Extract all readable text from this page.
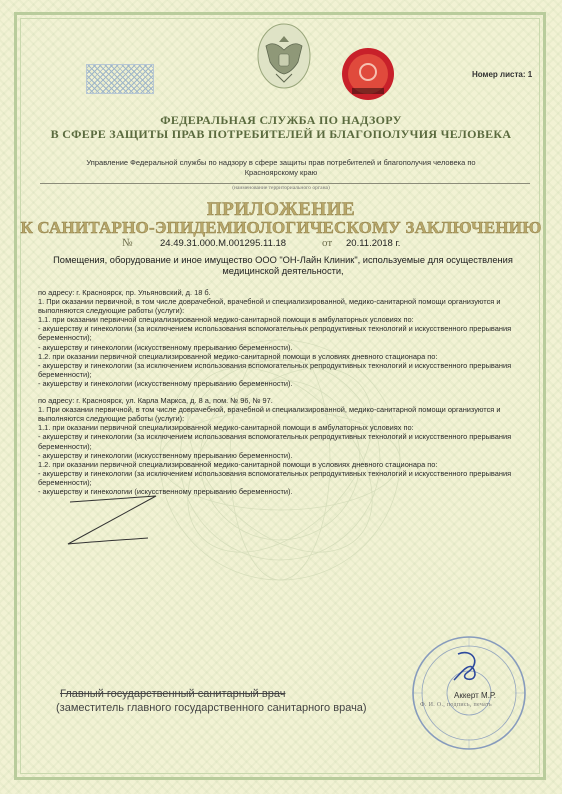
Номер листа: 1
ФЕДЕРАЛЬНАЯ СЛУЖБА ПО НАДЗОРУ
В СФЕРЕ ЗАЩИТЫ ПРАВ ПОТРЕБИТЕЛЕЙ И БЛАГОПОЛУЧИЯ ЧЕЛОВЕКА
Управление Федеральной службы по надзору в сфере защиты прав потребителей и благополучия человека по Красноярскому краю
(наименование территориального органа)
ПРИЛОЖЕНИЕ
К САНИТАРНО-ЭПИДЕМИОЛОГИЧЕСКОМУ ЗАКЛЮЧЕНИЮ
№	24.49.31.000.М.001295.11.18	от 20.11.2018 г.
Помещения, оборудование и иное имущество ООО "ОН-Лайн Клиник", используемые для осуществления медицинской деятельности,

по адресу: г. Красноярск, пр. Ульяновский, д. 18 б.

1. При оказании первичной, в том числе доврачебной, врачебной и специализированной, медико-санитарной помощи организуются и выполняются следующие работы (услуги):

1.1. при оказании первичной специализированной медико-санитарной помощи в амбулаторных условиях по:

- акушерству и гинекологии (за исключением использования вспомогательных репродуктивных технологий и искусственного прерывания беременности);

- акушерству и гинекологии (искусственному прерыванию беременности).

1.2. при оказании первичной специализированной медико-санитарной помощи в условиях дневного стационара по:

- акушерству и гинекологии (за исключением использования вспомогательных репродуктивных технологий и искусственного прерывания беременности);

- акушерству и гинекологии (искусственному прерыванию беременности).

по адресу: г. Красноярск, ул. Карла Маркса, д. 8 а, пом. № 96, № 97.

1. При оказании первичной, в том числе доврачебной, врачебной и специализированной, медико-санитарной помощи организуются и выполняются следующие работы (услуги):

1.1. при оказании первичной специализированной медико-санитарной помощи в амбулаторных условиях по:

- акушерству и гинекологии (за исключением использования вспомогательных репродуктивных технологий и искусственного прерывания беременности);

- акушерству и гинекологии (искусственному прерыванию беременности).

1.2. при оказании первичной специализированной медико-санитарной помощи в условиях дневного стационара по:

- акушерству и гинекологии (за исключением использования вспомогательных репродуктивных технологий и искусственного прерывания беременности);

- акушерству и гинекологии (искусственному прерыванию беременности).

Главный государственный санитарный врач
(заместитель главного государственного санитарного врача)
Аккерт М.Р.
Ф. И. О., подпись, печать
